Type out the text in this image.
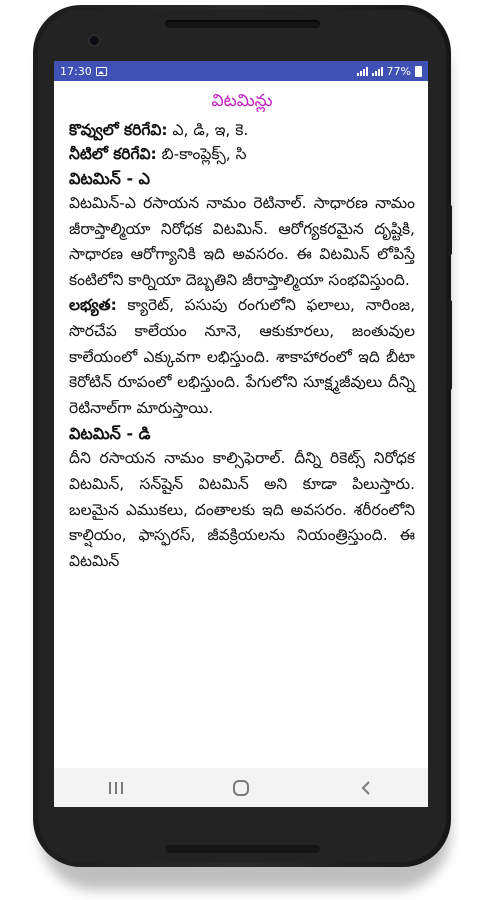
17:30	77%
విటమిన్లు
కొవ్వులో కరిగేవి: ఎ, డి, ఇ, కె.
నీటిలో కరిగేవి: బి-కాంప్లెక్స్, సి
విటమిన్ - ఎ

విటమిన్-ఎ రసాయన నామం రెటినాల్. సాధారణ నామం జీరాప్తాల్మియా నిరోధక విటమిన్. ఆరోగ్యకరమైన దృష్టికి, సాధారణ ఆరోగ్యానికి ఇది అవసరం. ఈ విటమిన్ లోపిస్తే కంటిలోని కార్నియా దెబ్బతిని జీరాప్తాల్మియా సంభవిస్తుంది.

లభ్యత: క్యారెట్, పసుపు రంగులోని ఫలాలు, నారింజ, సొరచేప కాలేయం నూనె, ఆకుకూరలు, జంతువుల కాలేయంలో ఎక్కువగా లభిస్తుంది. శాకాహారంలో ఇది బీటా కెరోటిన్ రూపంలో లభిస్తుంది. పేగులోని సూక్ష్మజీవులు దీన్ని రెటినాల్‌గా మారుస్తాయి.

విటమిన్ - డి

దీని రసాయన నామం కాల్సిఫెరాల్. దీన్ని రికెట్స్ నిరోధక విటమిన్, సన్‌షైన్ విటమిన్ అని కూడా పిలుస్తారు. బలమైన ఎముకలు, దంతాలకు ఇది అవసరం. శరీరంలోని కాల్షియం, ఫాస్ఫరస్, జీవక్రియలను నియంత్రిస్తుంది. ఈ విటమిన్
